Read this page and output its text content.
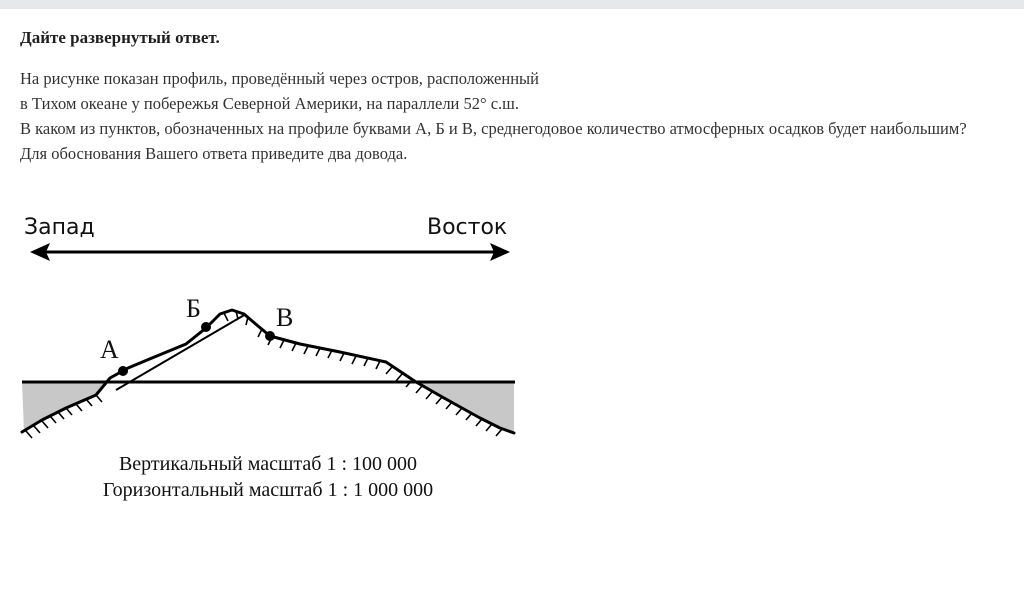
Дайте развернутый ответ.

На рисунке показан профиль, проведённый через остров, расположенный

в Тихом океане у побережья Северной Америки, на параллели 52° с.ш.

В каком из пунктов, обозначенных на профиле буквами А, Б и В, среднегодовое количество атмосферных осадков будет наибольшим?

Для обоснования Вашего ответа приведите два довода.

Запад	Восток
А
Б	В
Вертикальный масштаб 1 : 100 000
Горизонтальный масштаб 1 : 1 000 000
